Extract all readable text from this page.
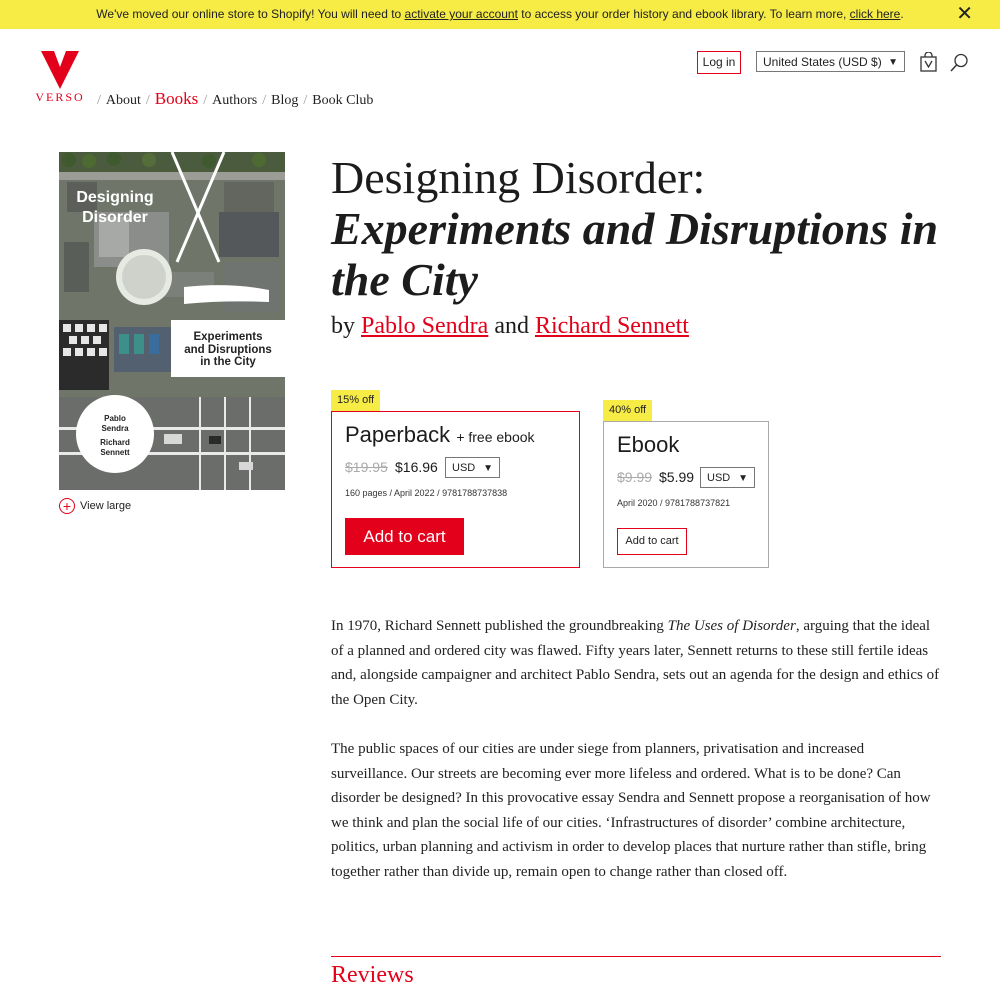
We've moved our online store to Shopify! You will need to activate your account to access your order history and ebook library. To learn more, click here.	✕
VERSO / About / Books / Authors / Blog / Book Club
Log in	United States (USD $) ▼
Designing
Disorder
Experiments
and Disruptions
in the City
Pablo
Sendra
Richard
Sennett
+ View large
Designing Disorder:
Experiments and Disruptions in the City
by Pablo Sendra and Richard Sennett
15% off
Paperback + free ebook
$19.95 $16.96	USD ▼
160 pages / April 2022 / 9781788737838
Add to cart
40% off
Ebook
$9.99 $5.99	USD ▼
April 2020 / 9781788737821
Add to cart
In 1970, Richard Sennett published the groundbreaking The Uses of Disorder, arguing that the ideal of a planned and ordered city was flawed. Fifty years later, Sennett returns to these still fertile ideas and, alongside campaigner and architect Pablo Sendra, sets out an agenda for the design and ethics of the Open City.
The public spaces of our cities are under siege from planners, privatisation and increased surveillance. Our streets are becoming ever more lifeless and ordered. What is to be done? Can disorder be designed? In this provocative essay Sendra and Sennett propose a reorganisation of how we think and plan the social life of our cities. ‘Infrastructures of disorder’ combine architecture, politics, urban planning and activism in order to develop places that nurture rather than stifle, bring together rather than divide up, remain open to change rather than closed off.
Reviews
